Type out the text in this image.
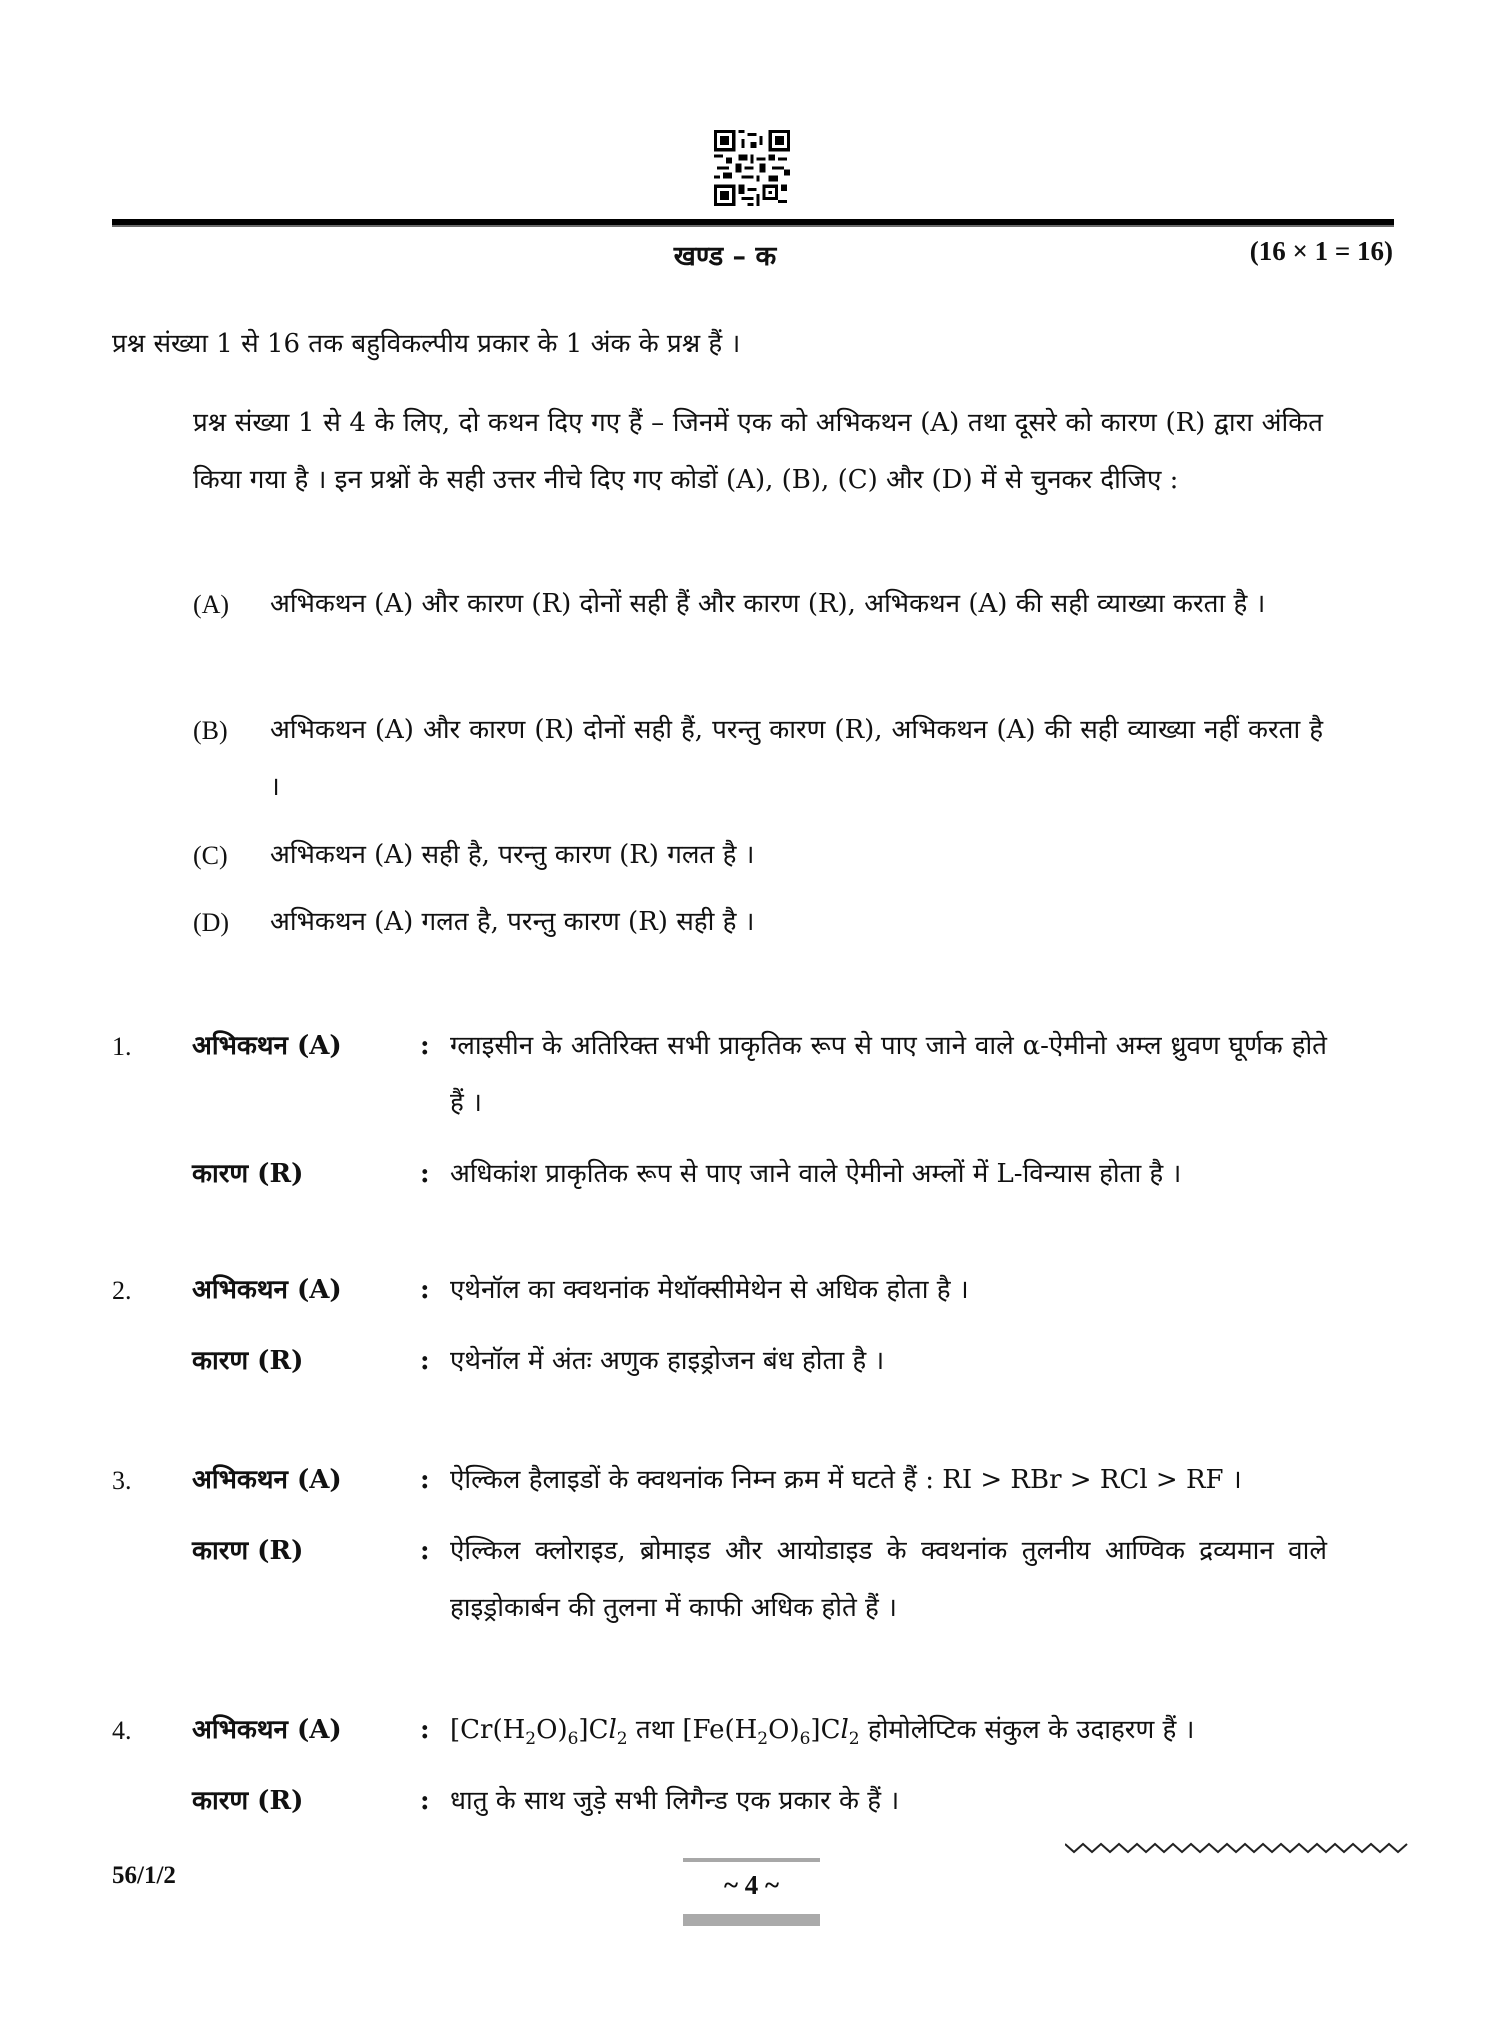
खण्ड – क	(16 × 1 = 16)
प्रश्न संख्या 1 से 16 तक बहुविकल्पीय प्रकार के 1 अंक के प्रश्न हैं ।
प्रश्न संख्या 1 से 4 के लिए, दो कथन दिए गए हैं – जिनमें एक को अभिकथन (A) तथा दूसरे को कारण (R) द्वारा अंकित किया गया है । इन प्रश्नों के सही उत्तर नीचे दिए गए कोडों (A), (B), (C) और (D) में से चुनकर दीजिए :
(A)	अभिकथन (A) और कारण (R) दोनों सही हैं और कारण (R), अभिकथन (A) की सही व्याख्या करता है ।
(B)	अभिकथन (A) और कारण (R) दोनों सही हैं, परन्तु कारण (R), अभिकथन (A) की सही व्याख्या नहीं करता है ।
(C)	अभिकथन (A) सही है, परन्तु कारण (R) गलत है ।
(D)	अभिकथन (A) गलत है, परन्तु कारण (R) सही है ।
1.	अभिकथन (A)	: ग्लाइसीन के अतिरिक्त सभी प्राकृतिक रूप से पाए जाने वाले α-ऐमीनो अम्ल ध्रुवण घूर्णक होते हैं ।
कारण (R)	: अधिकांश प्राकृतिक रूप से पाए जाने वाले ऐमीनो अम्लों में L-विन्यास होता है ।
2.	अभिकथन (A)	: एथेनॉल का क्वथनांक मेथॉक्सीमेथेन से अधिक होता है ।
कारण (R)	: एथेनॉल में अंतः अणुक हाइड्रोजन बंध होता है ।
3.	अभिकथन (A)	: ऐल्किल हैलाइडों के क्वथनांक निम्न क्रम में घटते हैं : RI > RBr > RCl > RF ।
कारण (R)	: ऐल्किल क्लोराइड, ब्रोमाइड और आयोडाइड के क्वथनांक तुलनीय आण्विक द्रव्यमान वाले हाइड्रोकार्बन की तुलना में काफी अधिक होते हैं ।
4.	अभिकथन (A)	: $[Cr(H_2O)_6]Cl_2$ तथा $[Fe(H_2O)_6]Cl_2$ होमोलेप्टिक संकुल के उदाहरण हैं ।
कारण (R)	: धातु के साथ जुड़े सभी लिगैन्ड एक प्रकार के हैं ।
56/1/2	~ 4 ~
